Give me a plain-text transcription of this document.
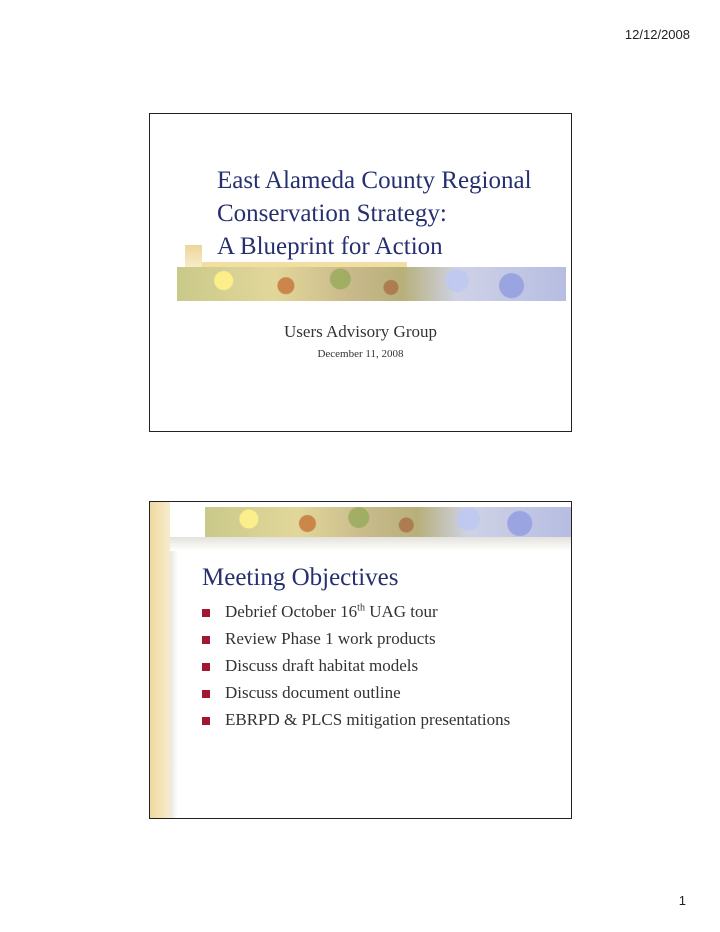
12/12/2008
East Alameda County Regional
Conservation Strategy:
A Blueprint for Action
Users Advisory Group
December 11, 2008
Meeting Objectives
Debrief October 16th UAG tour
Review Phase 1 work products
Discuss draft habitat models
Discuss document outline
EBRPD & PLCS mitigation presentations
1
